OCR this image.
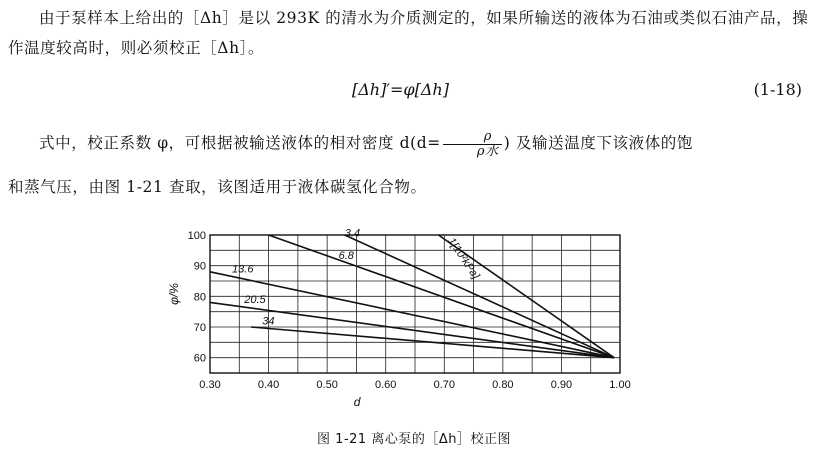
由于泵样本上给出的［Δh］是以 293K 的清水为介质测定的，如果所输送的液体为石油或类似石油产品，操作温度较高时，则必须校正［Δh］。

[Δh]′=φ[Δh]	(1-18)

式中，校正系数 φ，可根据被输送液体的相对密度 $d(d= \frac{\rho}{\text{ρ水}}$ ) 及输送温度下该液体的饱

和蒸气压，由图 1-21 查取，该图适用于液体碳氢化合物。

1[10²kPa]
3.4
6.8
13.6
20.5
34
60
70
80
90
100
0.30	0.40	0.50	0.60	0.70	0.80	0.90	1.00
d
φ/%
图 1-21 离心泵的［Δh］校正图
